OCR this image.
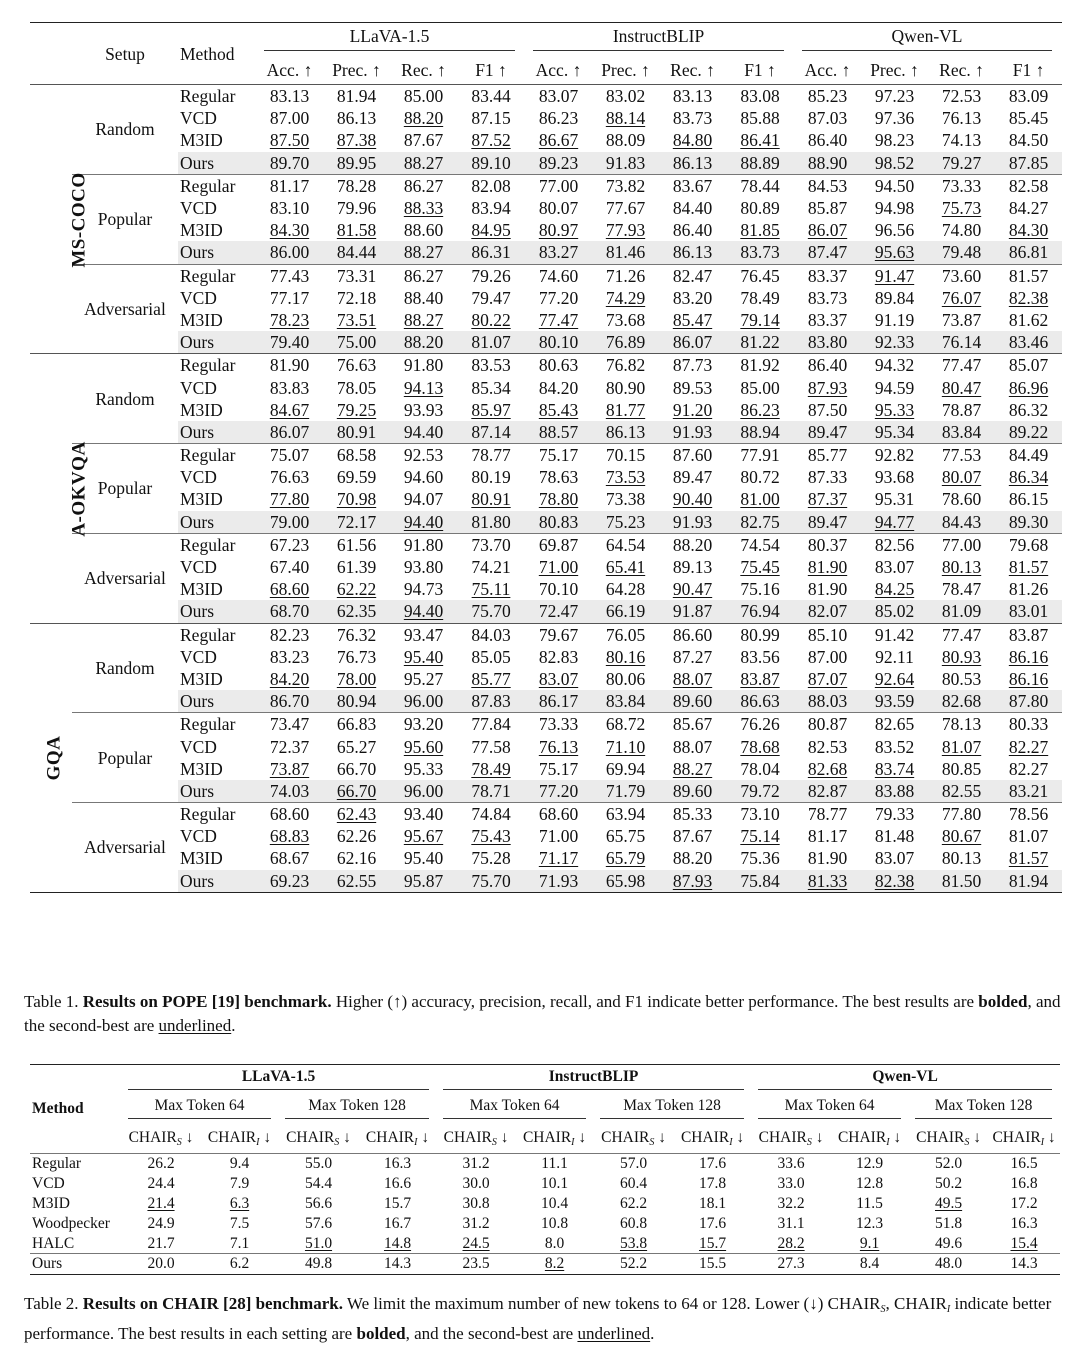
	Setup	Method	LLaVA-1.5				InstructBLIP				Qwen-VL			

			Acc. ↑	Prec. ↑	Rec. ↑	F1 ↑	Acc. ↑	Prec. ↑	Rec. ↑	F1 ↑	Acc. ↑	Prec. ↑	Rec. ↑	F1 ↑
MS-COCO	Random	Regular	83.13	81.94	85.00	83.44	83.07	83.02	83.13	83.08	85.23	97.23	72.53	83.09
		VCD	87.00	86.13	88.20	87.15	86.23	88.14	83.73	85.88	87.03	97.36	76.13	85.45
		M3ID	87.50	87.38	87.67	87.52	86.67	88.09	84.80	86.41	86.40	98.23	74.13	84.50
		Ours	89.70	89.95	88.27	89.10	89.23	91.83	86.13	88.89	88.90	98.52	79.27	87.85
	Popular	Regular	81.17	78.28	86.27	82.08	77.00	73.82	83.67	78.44	84.53	94.50	73.33	82.58
		VCD	83.10	79.96	88.33	83.94	80.07	77.67	84.40	80.89	85.87	94.98	75.73	84.27
		M3ID	84.30	81.58	88.60	84.95	80.97	77.93	86.40	81.85	86.07	96.56	74.80	84.30
		Ours	86.00	84.44	88.27	86.31	83.27	81.46	86.13	83.73	87.47	95.63	79.48	86.81
	Adversarial	Regular	77.43	73.31	86.27	79.26	74.60	71.26	82.47	76.45	83.37	91.47	73.60	81.57
		VCD	77.17	72.18	88.40	79.47	77.20	74.29	83.20	78.49	83.73	89.84	76.07	82.38
		M3ID	78.23	73.51	88.27	80.22	77.47	73.68	85.47	79.14	83.37	91.19	73.87	81.62
		Ours	79.40	75.00	88.20	81.07	80.10	76.89	86.07	81.22	83.80	92.33	76.14	83.46
A-OKVQA	Random	Regular	81.90	76.63	91.80	83.53	80.63	76.82	87.73	81.92	86.40	94.32	77.47	85.07
		VCD	83.83	78.05	94.13	85.34	84.20	80.90	89.53	85.00	87.93	94.59	80.47	86.96
		M3ID	84.67	79.25	93.93	85.97	85.43	81.77	91.20	86.23	87.50	95.33	78.87	86.32
		Ours	86.07	80.91	94.40	87.14	88.57	86.13	91.93	88.94	89.47	95.34	83.84	89.22
	Popular	Regular	75.07	68.58	92.53	78.77	75.17	70.15	87.60	77.91	85.77	92.82	77.53	84.49
		VCD	76.63	69.59	94.60	80.19	78.63	73.53	89.47	80.72	87.33	93.68	80.07	86.34
		M3ID	77.80	70.98	94.07	80.91	78.80	73.38	90.40	81.00	87.37	95.31	78.60	86.15
		Ours	79.00	72.17	94.40	81.80	80.83	75.23	91.93	82.75	89.47	94.77	84.43	89.30
	Adversarial	Regular	67.23	61.56	91.80	73.70	69.87	64.54	88.20	74.54	80.37	82.56	77.00	79.68
		VCD	67.40	61.39	93.80	74.21	71.00	65.41	89.13	75.45	81.90	83.07	80.13	81.57
		M3ID	68.60	62.22	94.73	75.11	70.10	64.28	90.47	75.16	81.90	84.25	78.47	81.26
		Ours	68.70	62.35	94.40	75.70	72.47	66.19	91.87	76.94	82.07	85.02	81.09	83.01
GQA	Random	Regular	82.23	76.32	93.47	84.03	79.67	76.05	86.60	80.99	85.10	91.42	77.47	83.87
		VCD	83.23	76.73	95.40	85.05	82.83	80.16	87.27	83.56	87.00	92.11	80.93	86.16
		M3ID	84.20	78.00	95.27	85.77	83.07	80.06	88.07	83.87	87.07	92.64	80.53	86.16
		Ours	86.70	80.94	96.00	87.83	86.17	83.84	89.60	86.63	88.03	93.59	82.68	87.80
	Popular	Regular	73.47	66.83	93.20	77.84	73.33	68.72	85.67	76.26	80.87	82.65	78.13	80.33
		VCD	72.37	65.27	95.60	77.58	76.13	71.10	88.07	78.68	82.53	83.52	81.07	82.27
		M3ID	73.87	66.70	95.33	78.49	75.17	69.94	88.27	78.04	82.68	83.74	80.85	82.27
		Ours	74.03	66.70	96.00	78.71	77.20	71.79	89.60	79.72	82.87	83.88	82.55	83.21
	Adversarial	Regular	68.60	62.43	93.40	74.84	68.60	63.94	85.33	73.10	78.77	79.33	77.80	78.56
		VCD	68.83	62.26	95.67	75.43	71.00	65.75	87.67	75.14	81.17	81.48	80.67	81.07
		M3ID	68.67	62.16	95.40	75.28	71.17	65.79	88.20	75.36	81.90	83.07	80.13	81.57
		Ours	69.23	62.55	95.87	75.70	71.93	65.98	87.93	75.84	81.33	82.38	81.50	81.94

Table 1. Results on POPE [19] benchmark. Higher (↑) accuracy, precision, recall, and F1 indicate better performance. The best results are bolded, and the second-best are underlined.

Method	LLaVA-1.5				InstructBLIP				Qwen-VL			

	Max Token 64		Max Token 128		Max Token 64		Max Token 128		Max Token 64		Max Token 128	

	$CHAIR_S$ ↓	$CHAIR_I$ ↓	$CHAIR_S$ ↓	$CHAIR_I$ ↓	$CHAIR_S$ ↓	$CHAIR_I$ ↓	$CHAIR_S$ ↓	$CHAIR_I$ ↓	$CHAIR_S$ ↓	$CHAIR_I$ ↓	$CHAIR_S$ ↓	$CHAIR_I$ ↓
Regular	26.2	9.4	55.0	16.3	31.2	11.1	57.0	17.6	33.6	12.9	52.0	16.5
VCD	24.4	7.9	54.4	16.6	30.0	10.1	60.4	17.8	33.0	12.8	50.2	16.8
M3ID	21.4	6.3	56.6	15.7	30.8	10.4	62.2	18.1	32.2	11.5	49.5	17.2
Woodpecker	24.9	7.5	57.6	16.7	31.2	10.8	60.8	17.6	31.1	12.3	51.8	16.3
HALC	21.7	7.1	51.0	14.8	24.5	8.0	53.8	15.7	28.2	9.1	49.6	15.4
Ours	20.0	6.2	49.8	14.3	23.5	8.2	52.2	15.5	27.3	8.4	48.0	14.3

Table 2. Results on CHAIR [28] benchmark. We limit the maximum number of new tokens to 64 or 128. Lower (↓) $CHAIR_S$, $CHAIR_I$ indicate better performance. The best results in each setting are bolded, and the second-best are underlined.
